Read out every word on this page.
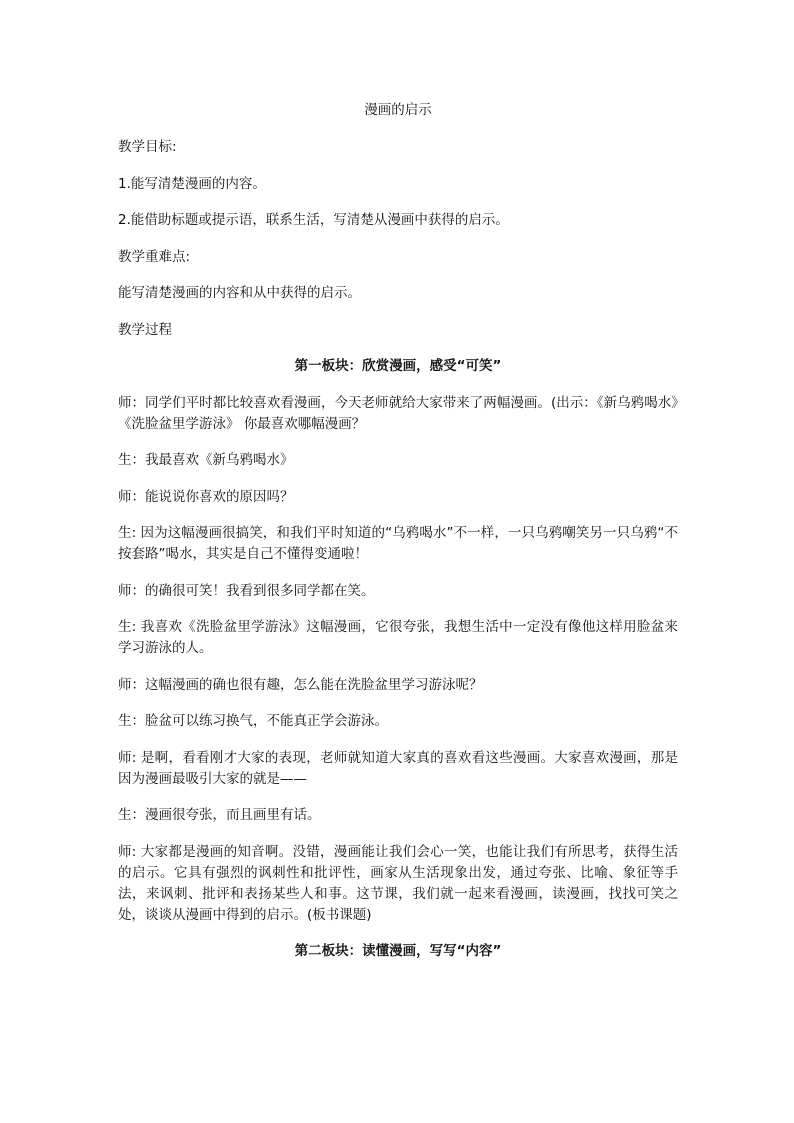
漫画的启示
教学目标:
1.能写清楚漫画的内容。
2.能借助标题或提示语，联系生活，写清楚从漫画中获得的启示。
教学重难点:
能写清楚漫画的内容和从中获得的启示。
教学过程
第一板块：欣赏漫画，感受“可笑”
师：同学们平时都比较喜欢看漫画，今天老师就给大家带来了两幅漫画。(出示：《新乌鸦喝水》《洗脸盆里学游泳》 你最喜欢哪幅漫画？
生：我最喜欢《新乌鸦喝水》
师：能说说你喜欢的原因吗？
生: 因为这幅漫画很搞笑，和我们平时知道的“乌鸦喝水”不一样，一只乌鸦嘲笑另一只乌鸦“不按套路”喝水，其实是自己不懂得变通啦！
师：的确很可笑！我看到很多同学都在笑。
生: 我喜欢《洗脸盆里学游泳》这幅漫画，它很夸张，我想生活中一定没有像他这样用脸盆来学习游泳的人。
师：这幅漫画的确也很有趣，怎么能在洗脸盆里学习游泳呢？
生：脸盆可以练习换气，不能真正学会游泳。
师: 是啊，看看刚才大家的表现，老师就知道大家真的喜欢看这些漫画。大家喜欢漫画，那是因为漫画最吸引大家的就是——
生：漫画很夸张，而且画里有话。
师: 大家都是漫画的知音啊。没错，漫画能让我们会心一笑，也能让我们有所思考，获得生活的启示。它具有强烈的讽刺性和批评性，画家从生活现象出发，通过夸张、比喻、象征等手法，来讽刺、批评和表扬某些人和事。这节课，我们就一起来看漫画，读漫画，找找可笑之处，谈谈从漫画中得到的启示。(板书课题)
第二板块：读懂漫画，写写“内容”
